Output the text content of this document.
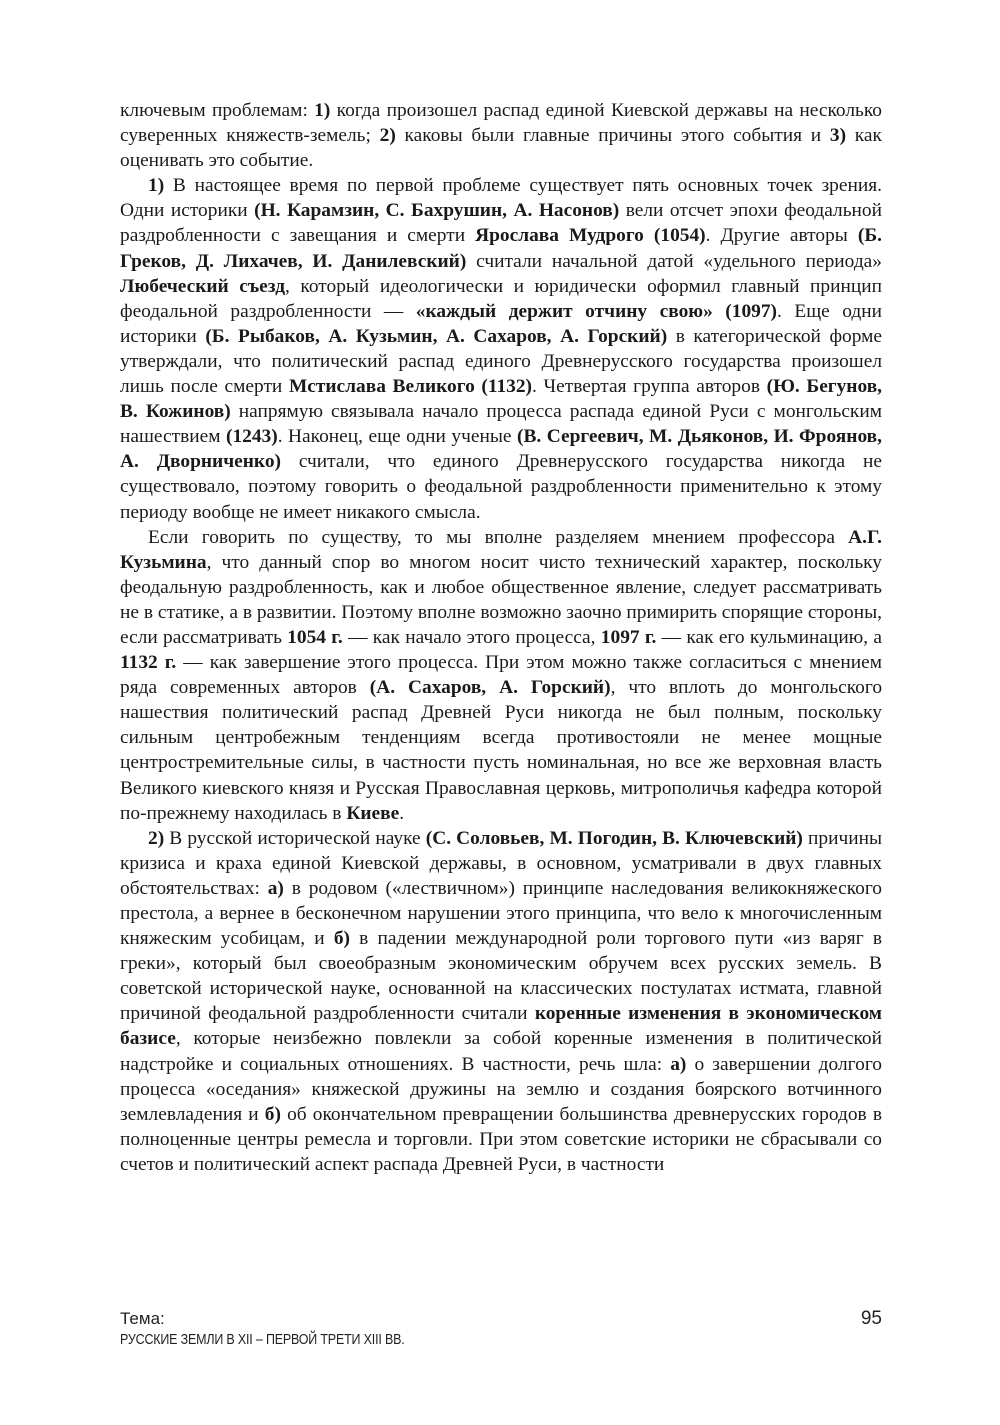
ключевым проблемам: 1) когда произошел распад единой Киевской державы на несколько суверенных княжеств-земель; 2) каковы были главные причины этого события и 3) как оценивать это событие.

1) В настоящее время по первой проблеме существует пять основных точек зрения. Одни историки (Н. Карамзин, С. Бахрушин, А. Насонов) вели отсчет эпохи феодальной раздробленности с завещания и смерти Ярослава Мудрого (1054). Другие авторы (Б. Греков, Д. Лихачев, И. Данилевский) считали начальной датой «удельного периода» Любеческий съезд, который идеологически и юридически оформил главный принцип феодальной раздробленности — «каждый держит отчину свою» (1097). Еще одни историки (Б. Рыбаков, А. Кузьмин, А. Сахаров, А. Горский) в категорической форме утверждали, что политический распад единого Древнерусского государства произошел лишь после смерти Мстислава Великого (1132). Четвертая группа авторов (Ю. Бегунов, В. Кожинов) напрямую связывала начало процесса распада единой Руси с монгольским нашествием (1243). Наконец, еще одни ученые (В. Сергеевич, М. Дьяконов, И. Фроянов, А. Дворниченко) считали, что единого Древнерусского государства никогда не существовало, поэтому говорить о феодальной раздробленности применительно к этому периоду вообще не имеет никакого смысла.

Если говорить по существу, то мы вполне разделяем мнением профессора А.Г. Кузьмина, что данный спор во многом носит чисто технический характер, поскольку феодальную раздробленность, как и любое общественное явление, следует рассматривать не в статике, а в развитии. Поэтому вполне возможно заочно примирить спорящие стороны, если рассматривать 1054 г. — как начало этого процесса, 1097 г. — как его кульминацию, а 1132 г. — как завершение этого процесса. При этом можно также согласиться с мнением ряда современных авторов (А. Сахаров, А. Горский), что вплоть до монгольского нашествия политический распад Древней Руси никогда не был полным, поскольку сильным центробежным тенденциям всегда противостояли не менее мощные центростремительные силы, в частности пусть номинальная, но все же верховная власть Великого киевского князя и Русская Православная церковь, митрополичья кафедра которой по-прежнему находилась в Киеве.

2) В русской исторической науке (С. Соловьев, М. Погодин, В. Ключевский) причины кризиса и краха единой Киевской державы, в основном, усматривали в двух главных обстоятельствах: а) в родовом («лествичном») принципе наследования великокняжеского престола, а вернее в бесконечном нарушении этого принципа, что вело к многочисленным княжеским усобицам, и б) в падении международной роли торгового пути «из варяг в греки», который был своеобразным экономическим обручем всех русских земель. В советской исторической науке, основанной на классических постулатах истмата, главной причиной феодальной раздробленности считали коренные изменения в экономическом базисе, которые неизбежно повлекли за собой коренные изменения в политической надстройке и социальных отношениях. В частности, речь шла: а) о завершении долгого процесса «оседания» княжеской дружины на землю и создания боярского вотчинного землевладения и б) об окончательном превращении большинства древнерусских городов в полноценные центры ремесла и торговли. При этом советские историки не сбрасывали со счетов и политический аспект распада Древней Руси, в частности

Тема:
РУССКИЕ ЗЕМЛИ В XII – ПЕРВОЙ ТРЕТИ XIII ВВ.
95
